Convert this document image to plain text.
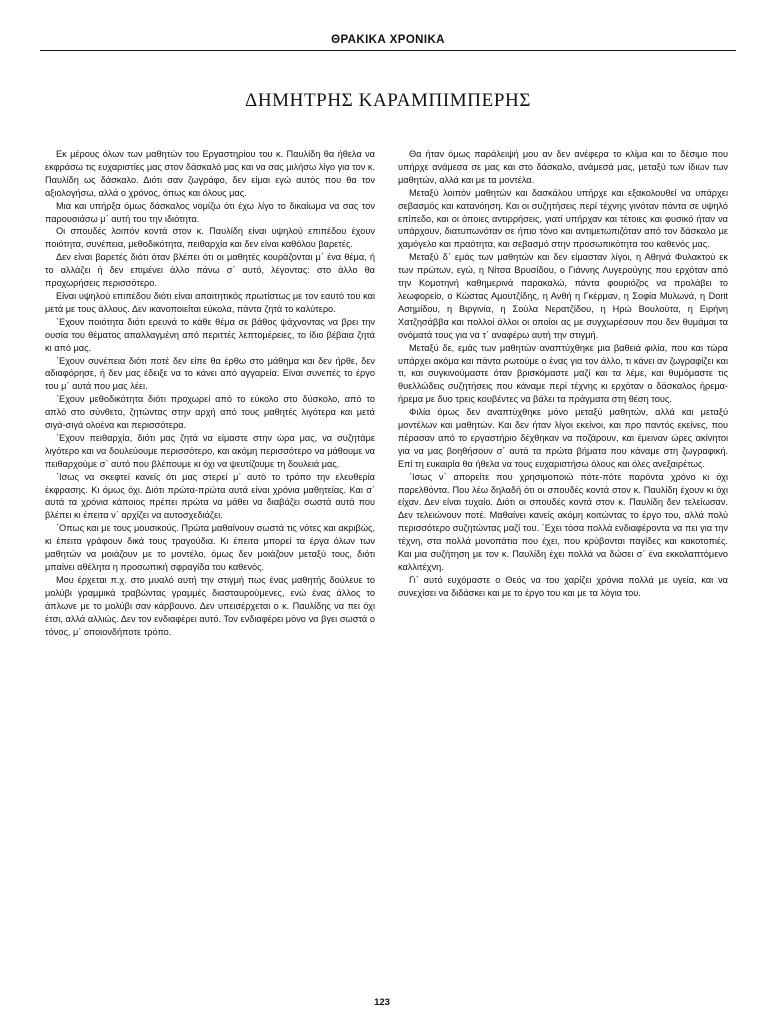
ΘΡΑΚΙΚΑ ΧΡΟΝΙΚΑ
ΔΗΜΗΤΡΗΣ ΚΑΡΑΜΠΙΜΠΕΡΗΣ

Εκ μέρους όλων των μαθητών του Εργαστηρίου του κ. Παυλίδη θα ήθελα να εκφράσω τις ευχαριστίες μας στον δάσκαλό μας και να σας μιλήσω λίγο για τον κ. Παυλίδη ως δάσκαλο. Διότι σαν ζωγράφο, δεν είμαι εγώ αυτός που θα τον αξιολογήσω, αλλά ο χρόνος, όπως και όλους μας.

Μια και υπήρξα όμως δάσκαλος νομίζω ότι έχω λίγο το δικαίωμα να σας τον παρουσιάσω μ΄ αυτή του την ιδιότητα.

Οι σπουδές λοιπόν κοντά στον κ. Παυλίδη είναι υψηλού επιπέδου έχουν ποιότητα, συνέπεια, μεθοδικότητα, πειθαρχία και δεν είναι καθόλου βαρετές.

Δεν είναι βαρετές διότι όταν βλέπει ότι οι μαθητές κουράζονται μ΄ ένα θέμα, ή το αλλάζει ή δεν επιμένει άλλο πάνω σ΄ αυτό, λέγοντας: στο άλλο θα προχωρήσεις περισσότερο.

Είναι υψηλού επιπέδου διότι είναι απαιτητικός πρωτίστως με τον εαυτό του και μετά με τους άλλους. Δεν ικανοποιείται εύκολα, πάντα ζητά το καλύτερο.

΄Εχουν ποιότητα διότι ερευνά το κάθε θέμα σε βάθος ψάχνοντας να βρει την ουσία του θέματος απαλλαγμένη από περιττές λεπτομέρειες, το ίδιο βέβαια ζητά κι από μας.

΄Εχουν συνέπεια διότι ποτέ δεν είπε θα έρθω στο μάθημα και δεν ήρθε, δεν αδιαφόρησε, ή δεν μας έδειξε να το κάνει από αγγαρεία. Είναι συνεπές το έργο του μ΄ αυτά που μας λέει.

΄Εχουν μεθοδικότητα διότι προχωρεί από το εύκολο στο δύσκολο, από το απλό στο σύνθετο, ζητώντας στην αρχή από τους μαθητές λιγότερα και μετά σιγά-σιγά ολοένα και περισσότερα.

΄Εχουν πειθαρχία, διότι μας ζητά να είμαστε στην ώρα μας, να συζητάμε λιγότερο και να δουλεύουμε περισσότερο, και ακόμη περισσότερο να μάθουμε να πειθαρχούμε σ΄ αυτό που βλέπουμε κι όχι να ψευτίζουμε τη δουλειά μας.

΄Ισως να σκεφτεί κανείς ότι μας στερεί μ΄ αυτό το τρόπο την ελευθερία έκφρασης. Κι όμως όχι. Διότι πρώτα-πρώτα αυτά είναι χρόνια μαθητείας. Και σ΄ αυτά τα χρόνια κάποιος πρέπει πρώτα να μάθει να διαβάζει σωστά αυτά που βλέπει κι έπειτα ν΄ αρχίζει να αυτοσχεδιάζει.

΄Οπως και με τους μουσικούς. Πρώτα μαθαίνουν σωστά τις νότες και ακριβώς, κι έπειτα γράφουν δικά τους τραγούδια. Κι έπειτα μπορεί τα έργα όλων των μαθητών να μοιάζουν με το μοντέλο, όμως δεν μοιάζουν μεταξύ τους, διότι μπαίνει αθέλητα η προσωπική σφραγίδα του καθενός.

Μου έρχεται π.χ. στο μυαλό αυτή την στιγμή πως ένας μαθητής δούλευε το μολύβι γραμμικά τραβώντας γραμμές διασταυρούμενες, ενώ ένας άλλος το άπλωνε με το μολύβι σαν κάρβουνο. Δεν υπεισέρχεται ο κ. Παυλίδης να πει όχι έτσι, αλλά αλλιώς. Δεν τον ενδιαφέρει αυτό. Τον ενδιαφέρει μόνο να βγει σωστά ο τόνος, μ΄ οποιονδήποτε τρόπο.

Θα ήταν όμως παράλειψή μου αν δεν ανέφερα το κλίμα και το δέσιμο που υπήρχε ανάμεσα σε μας και στο δάσκαλο, ανάμεσά μας, μεταξύ των ίδιων των μαθητών, αλλά και με τα μοντέλα.

Μεταξύ λοιπόν μαθητών και δασκάλου υπήρχε και εξακολουθεί να υπάρχει σεβασμός και κατανόηση. Και οι συζητήσεις περί τέχνης γινόταν πάντα σε υψηλό επίπεδο, και οι όποιες αντιρρήσεις, γιατί υπήρχαν και τέτοιες και φυσικό ήταν να υπάρχουν, διατυπωνόταν σε ήπιο τόνο και αντιμετωπιζόταν από τον δάσκαλο με χαμόγελο και πραότητα, και σεβασμό στην προσωπικότητα του καθενός μας.

Μεταξύ δ΄ εμάς των μαθητών και δεν είμασταν λίγοι, η Αθηνά Φυλακτού εκ των πρώτων, εγώ, η Νίτσα Βρυσίδου, ο Γιάννης Λυγερούγης που ερχόταν από την Κομοτηνή καθημερινά παρακαλώ, πάντα φουριόζος να προλάβει το λεωφορείο, ο Κώστας Αμουτζίδης, η Ανθή η Γκέρμαν, η Σοφία Μυλωνά, η Dorit Ασημίδου, η Βιργινία, η Σούλα Νερατζίδου, η Ηρώ Βουλούτα, η Ειρήνη Χατζησάββα και πολλοί άλλοι οι οποίοι ας με συγχωρέσουν που δεν θυμάμαι τα ονόματά τους για να τ΄ αναφέρω αυτή την στιγμή.

Μεταξύ δε, εμάς των μαθητών αναπτύχθηκε μια βαθειά φιλία, που και τώρα υπάρχει ακόμα και πάντα ρωτούμε ο ένας για τον άλλο, τι κάνει αν ζωγραφίζει και τι, και συγκινούμαστε όταν βρισκόμαστε μαζί και τα λέμε, και θυμόμαστε τις θυελλώδεις συζητήσεις που κάναμε περί τέχνης κι ερχόταν ο δάσκαλος ήρεμα-ήρεμα με δυο τρεις κουβέντες να βάλει τα πράγματα στη θέση τους.

Φιλία όμως δεν αναπτύχθηκε μόνο μεταξύ μαθητών, αλλά και μεταξύ μοντέλων και μαθητών. Και δεν ήταν λίγοι εκείνοι, και προ παντός εκείνες, που πέρασαν από το εργαστήριο δέχθηκαν να ποζάρουν, και έμειναν ώρες ακίνητοι για να μας βοηθήσουν σ΄ αυτά τα πρώτα βήματα που κάναμε στη ζωγραφική. Επί τη ευκαιρία θα ήθελα να τους ευχαριστήσω όλους και όλες ανεξαιρέτως.

΄Ισως ν΄ απορείτε που χρησιμοποιώ πότε-πότε παρόντα χρόνο κι όχι παρελθόντα. Που λέω δηλαδή ότι οι σπουδές κοντά στον κ. Παυλίδη έχουν κι όχι είχαν. Δεν είναι τυχαίο. Διότι οι σπουδές κοντά στον κ. Παυλίδη δεν τελείωσαν. Δεν τελειώνουν ποτέ. Μαθαίνει κανείς ακόμη κοιτώντας το έργο του, αλλά πολύ περισσότερο συζητώντας μαζί του. ΄Εχει τόσα πολλά ενδιαφέροντα να πει για την τέχνη, στα πολλά μονοπάτια που έχει, που κρύβονται παγίδες και κακοτοπιές. Και μια συζήτηση με τον κ. Παυλίδη έχει πολλά να δώσει σ΄ ένα εκκολαπτόμενο καλλιτέχνη.

Γι΄ αυτό ευχόμαστε ο Θεός να του χαρίζει χρόνια πολλά με υγεία, και να συνεχίσει να διδάσκει και με το έργο του και με τα λόγια του.

123
